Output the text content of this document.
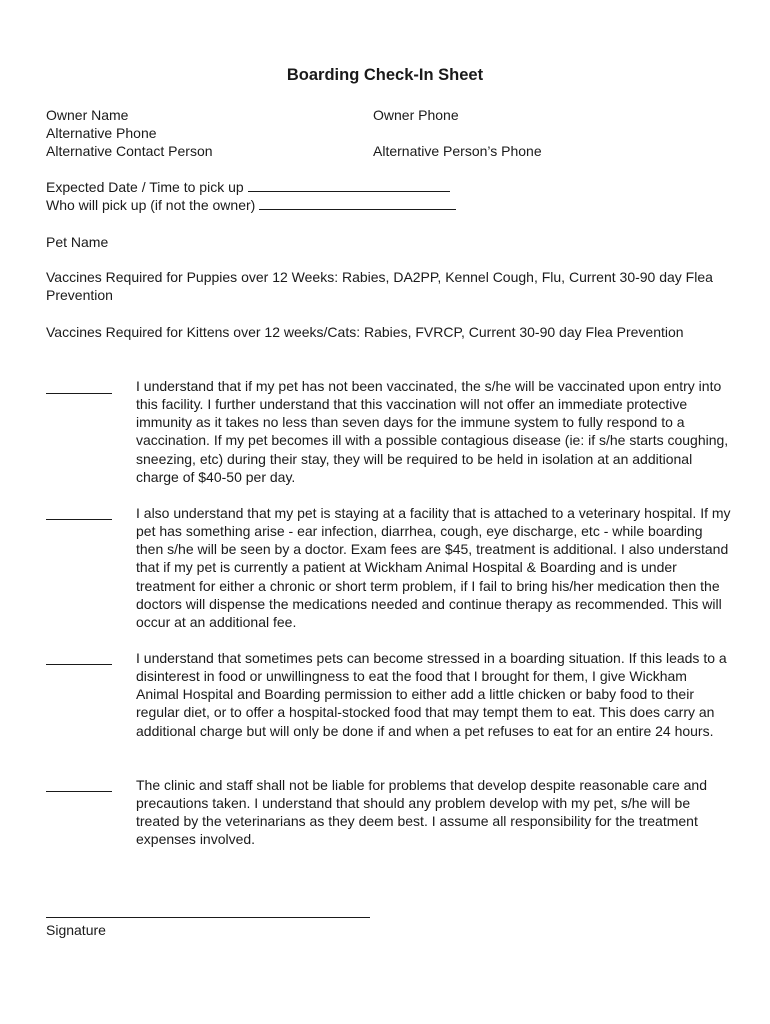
Boarding Check-In Sheet
Owner Name	Owner Phone
Alternative Phone
Alternative Contact Person	Alternative Person’s Phone
Expected Date / Time to pick up
Who will pick up (if not the owner)
Pet Name
Vaccines Required for Puppies over 12 Weeks: Rabies, DA2PP, Kennel Cough, Flu, Current 30-90 day Flea Prevention
Vaccines Required for Kittens over 12 weeks/Cats: Rabies, FVRCP, Current 30-90 day Flea Prevention
I understand that if my pet has not been vaccinated, the s/he will be vaccinated upon entry into this facility. I further understand that this vaccination will not offer an immediate protective immunity as it takes no less than seven days for the immune system to fully respond to a vaccination. If my pet becomes ill with a possible contagious disease (ie: if s/he starts coughing, sneezing, etc) during their stay, they will be required to be held in isolation at an additional charge of $40-50 per day.
I also understand that my pet is staying at a facility that is attached to a veterinary hospital. If my pet has something arise - ear infection, diarrhea, cough, eye discharge, etc - while boarding then s/he will be seen by a doctor. Exam fees are $45, treatment is additional. I also understand that if my pet is currently a patient at Wickham Animal Hospital & Boarding and is under treatment for either a chronic or short term problem, if I fail to bring his/her medication then the doctors will dispense the medications needed and continue therapy as recommended. This will occur at an additional fee.
I understand that sometimes pets can become stressed in a boarding situation. If this leads to a disinterest in food or unwillingness to eat the food that I brought for them, I give Wickham Animal Hospital and Boarding permission to either add a little chicken or baby food to their regular diet, or to offer a hospital-stocked food that may tempt them to eat. This does carry an additional charge but will only be done if and when a pet refuses to eat for an entire 24 hours.
The clinic and staff shall not be liable for problems that develop despite reasonable care and precautions taken. I understand that should any problem develop with my pet, s/he will be treated by the veterinarians as they deem best. I assume all responsibility for the treatment expenses involved.
Signature
